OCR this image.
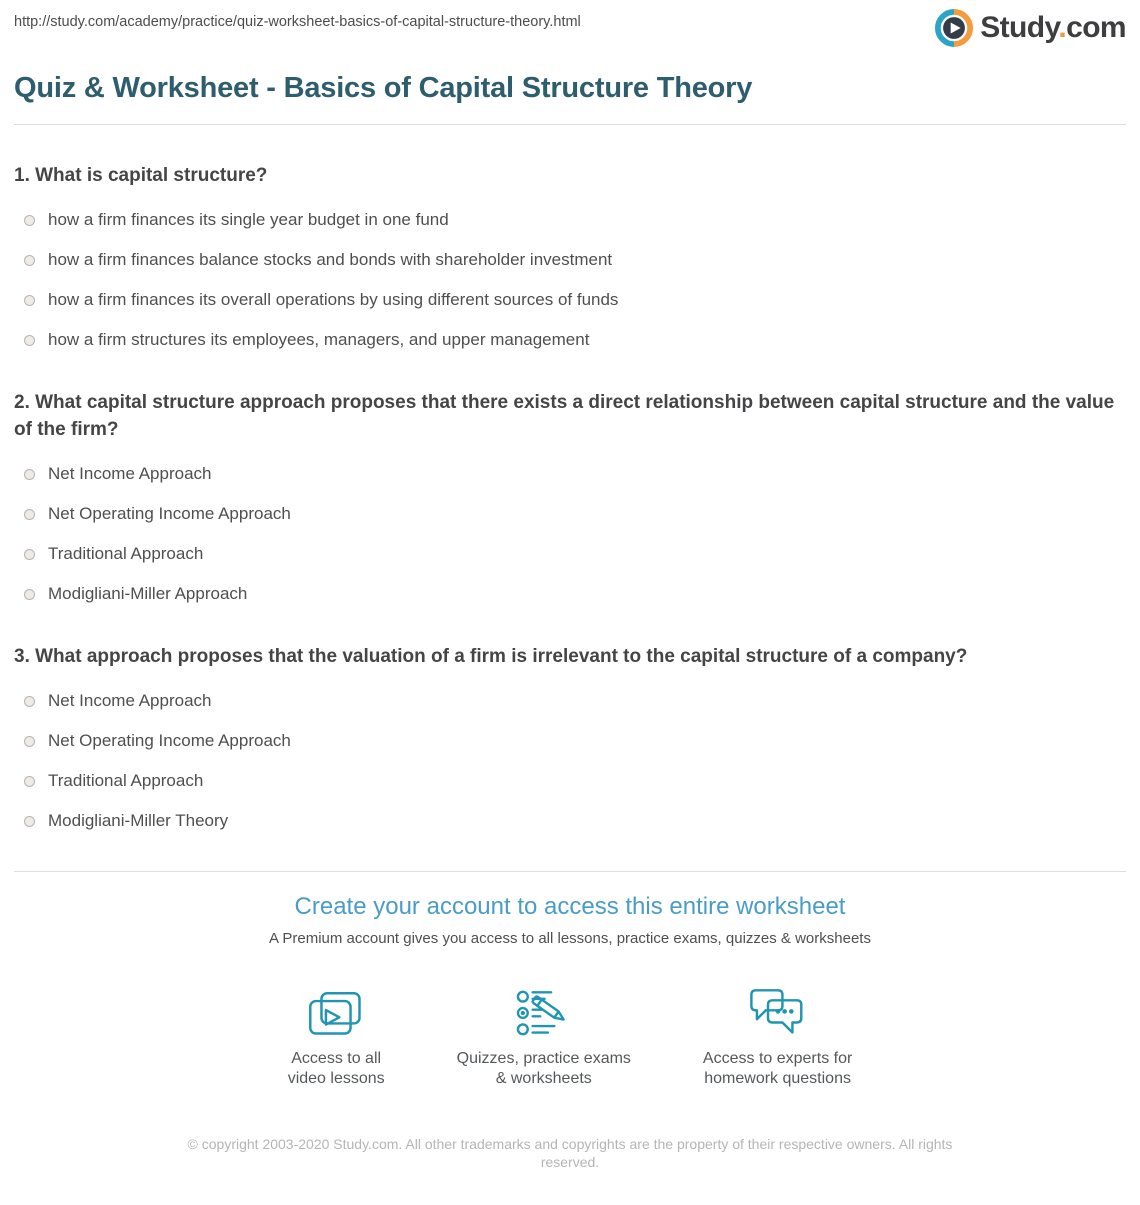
http://study.com/academy/practice/quiz-worksheet-basics-of-capital-structure-theory.html	Study.com
Quiz & Worksheet - Basics of Capital Structure Theory
1. What is capital structure?
how a firm finances its single year budget in one fund
how a firm finances balance stocks and bonds with shareholder investment
how a firm finances its overall operations by using different sources of funds
how a firm structures its employees, managers, and upper management
2. What capital structure approach proposes that there exists a direct relationship between capital structure and the value of the firm?
Net Income Approach
Net Operating Income Approach
Traditional Approach
Modigliani-Miller Approach
3. What approach proposes that the valuation of a firm is irrelevant to the capital structure of a company?
Net Income Approach
Net Operating Income Approach
Traditional Approach
Modigliani-Miller Theory
Create your account to access this entire worksheet
A Premium account gives you access to all lessons, practice exams, quizzes & worksheets
Access to all
video lessons
Quizzes, practice exams
& worksheets
Access to experts for
homework questions
© copyright 2003-2020 Study.com. All other trademarks and copyrights are the property of their respective owners. All rights reserved.
